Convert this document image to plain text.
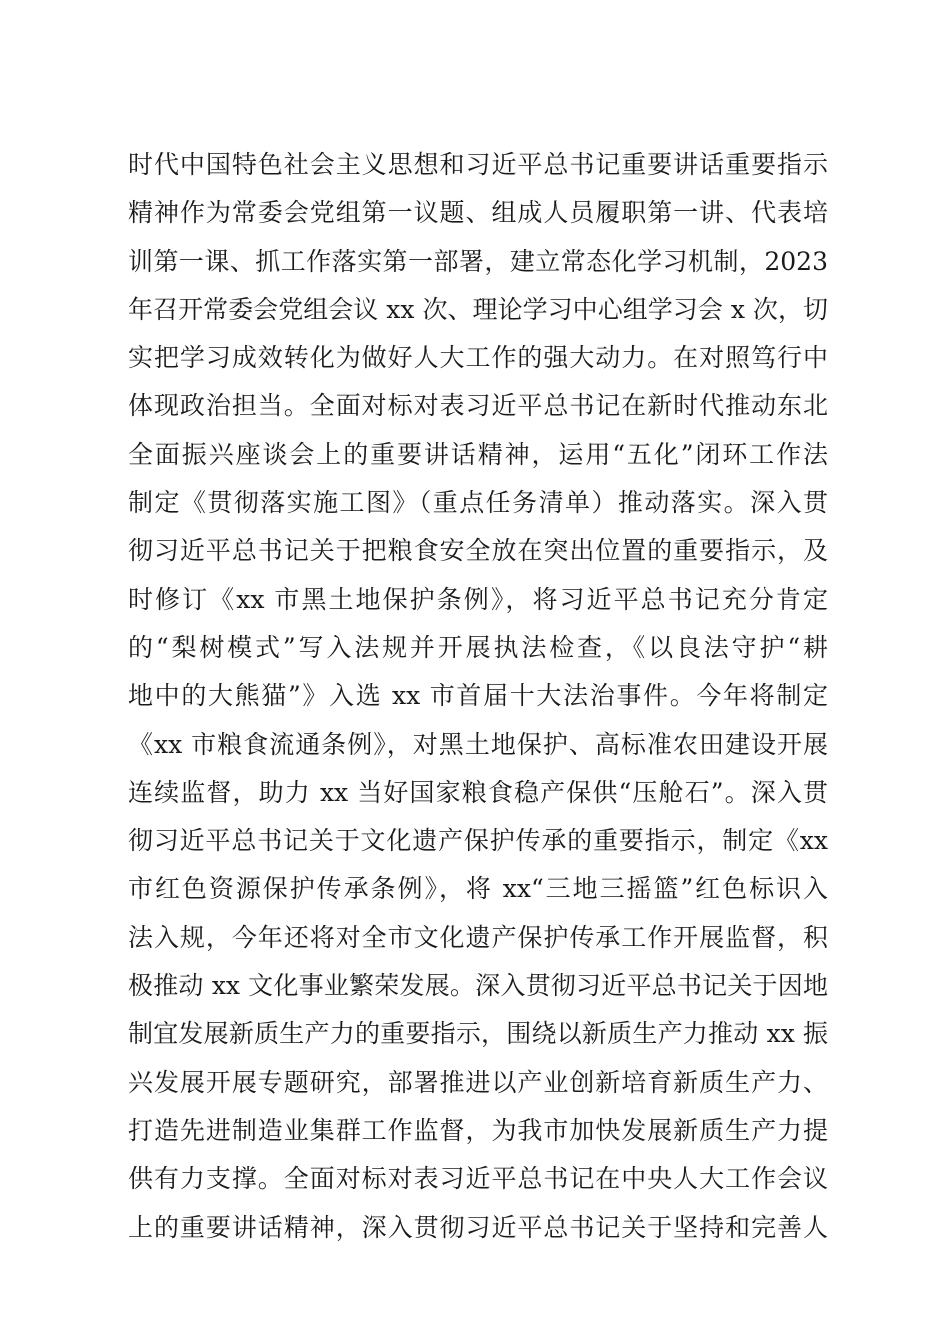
时代中国特色社会主义思想和习近平总书记重要讲话重要指示
精神作为常委会党组第一议题、组成人员履职第一讲、代表培
训第一课、抓工作落实第一部署，建立常态化学习机制，2023
年召开常委会党组会议 xx 次、理论学习中心组学习会 x 次，切
实把学习成效转化为做好人大工作的强大动力。在对照笃行中
体现政治担当。全面对标对表习近平总书记在新时代推动东北
全面振兴座谈会上的重要讲话精神，运用“五化”闭环工作法
制定《贯彻落实施工图》（重点任务清单）推动落实。深入贯
彻习近平总书记关于把粮食安全放在突出位置的重要指示，及
时修订《xx 市黑土地保护条例》，将习近平总书记充分肯定
的“梨树模式”写入法规并开展执法检查，《以良法守护“耕
地中的大熊猫”》入选 xx 市首届十大法治事件。今年将制定
《xx 市粮食流通条例》，对黑土地保护、高标准农田建设开展
连续监督，助力 xx 当好国家粮食稳产保供“压舱石”。深入贯
彻习近平总书记关于文化遗产保护传承的重要指示，制定《xx
市红色资源保护传承条例》，将 xx“三地三摇篮”红色标识入
法入规，今年还将对全市文化遗产保护传承工作开展监督，积
极推动 xx 文化事业繁荣发展。深入贯彻习近平总书记关于因地
制宜发展新质生产力的重要指示，围绕以新质生产力推动 xx 振
兴发展开展专题研究，部署推进以产业创新培育新质生产力、
打造先进制造业集群工作监督，为我市加快发展新质生产力提
供有力支撑。全面对标对表习近平总书记在中央人大工作会议
上的重要讲话精神，深入贯彻习近平总书记关于坚持和完善人
